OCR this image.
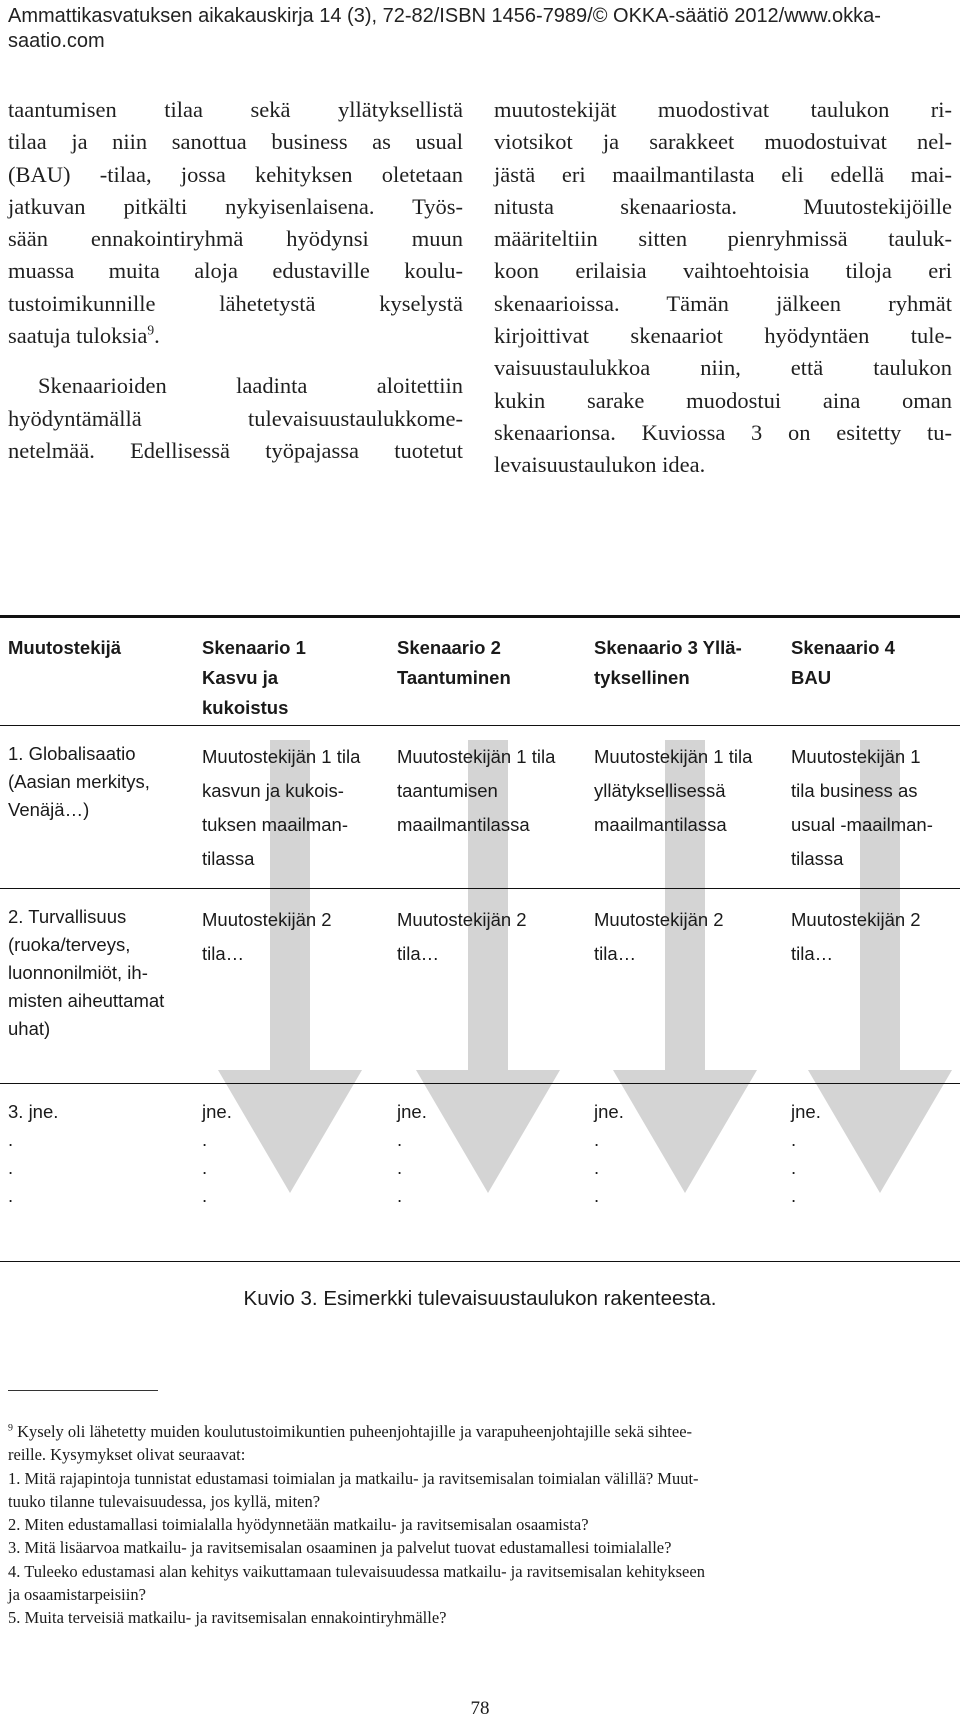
Ammattikasvatuksen aikakauskirja 14 (3), 72-82/ISBN 1456-7989/© OKKA-säätiö 2012/www.okka-saatio.com

taantumisen tilaa sekä yllätyksellistä
tilaa ja niin sanottua business as usual
(BAU) -tilaa, jossa kehityksen oletetaan
jatkuvan pitkälti nykyisenlaisena. Työs-
sään ennakointiryhmä hyödynsi muun
muassa muita aloja edustaville koulu-
tustoimikunnille lähetetystä kyselystä
saatuja tuloksia$^9$.

Skenaarioiden laadinta aloitettiin
hyödyntämällä tulevaisuustaulukkome-
netelmää. Edellisessä työpajassa tuotetut

muutostekijät muodostivat taulukon ri-
viotsikot ja sarakkeet muodostuivat nel-
jästä eri maailmantilasta eli edellä mai-
nitusta skenaariosta. Muutostekijöille
määriteltiin sitten pienryhmissä tauluk-
koon erilaisia vaihtoehtoisia tiloja eri
skenaarioissa. Tämän jälkeen ryhmät
kirjoittivat skenaariot hyödyntäen tule-
vaisuustaulukkoa niin, että taulukon
kukin sarake muodostui aina oman
skenaarionsa. Kuviossa 3 on esitetty tu-
levaisuustaulukon idea.

Muutostekijä	Skenaario 1
Kasvu ja
kukoistus
Skenaario 2
Taantuminen
Skenaario 3 Yllä-
tyksellinen
Skenaario 4
BAU
1. Globalisaatio
(Aasian merkitys,
Venäjä…)
Muutostekijän 1 tila
kasvun ja kukois-
tuksen maailman-
tilassa
Muutostekijän 1 tila
taantumisen
maailmantilassa
Muutostekijän 1 tila
yllätyksellisessä
maailmantilassa
Muutostekijän 1
tila business as
usual -maailman-
tilassa
2. Turvallisuus
(ruoka/terveys,
luonnonilmiöt, ih-
misten aiheuttamat
uhat)
Muutostekijän 2
tila…
Muutostekijän 2
tila…
Muutostekijän 2
tila…
Muutostekijän 2
tila…
3. jne.
.
.
.
jne.
.
.
.
jne.
.
.
.
jne.
.
.
.
jne.
.
.
.
Kuvio 3. Esimerkki tulevaisuustaulukon rakenteesta.
$^9$ Kysely oli lähetetty muiden koulutustoimikuntien puheenjohtajille ja varapuheenjohtajille sekä sihtee-
reille. Kysymykset olivat seuraavat:
1. Mitä rajapintoja tunnistat edustamasi toimialan ja matkailu- ja ravitsemisalan toimialan välillä? Muut-
tuuko tilanne tulevaisuudessa, jos kyllä, miten?
2. Miten edustamallasi toimialalla hyödynnetään matkailu- ja ravitsemisalan osaamista?
3. Mitä lisäarvoa matkailu- ja ravitsemisalan osaaminen ja palvelut tuovat edustamallesi toimialalle?
4. Tuleeko edustamasi alan kehitys vaikuttamaan tulevaisuudessa matkailu- ja ravitsemisalan kehitykseen
ja osaamistarpeisiin?
5. Muita terveisiä matkailu- ja ravitsemisalan ennakointiryhmälle?
78
